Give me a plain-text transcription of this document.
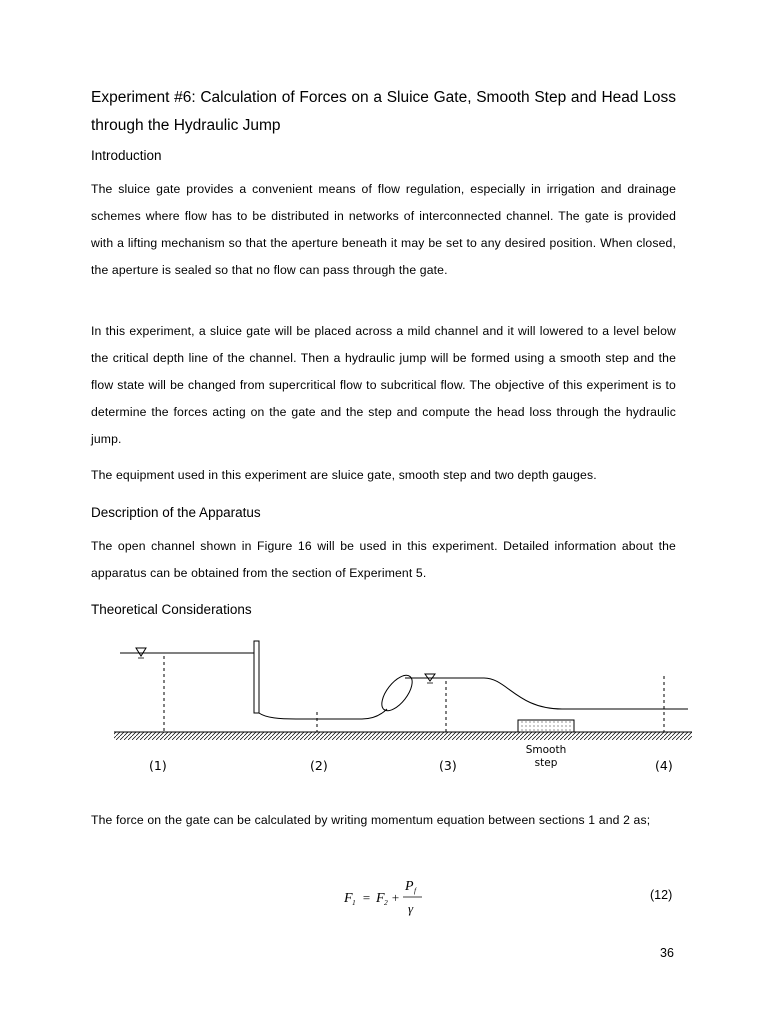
Experiment #6: Calculation of Forces on a Sluice Gate, Smooth Step and Head Loss through the Hydraulic Jump
Introduction

The sluice gate provides a convenient means of flow regulation, especially in irrigation and drainage schemes where flow has to be distributed in networks of interconnected channel. The gate is provided with a lifting mechanism so that the aperture beneath it may be set to any desired position. When closed, the aperture is sealed so that no flow can pass through the gate.

In this experiment, a sluice gate will be placed across a mild channel and it will lowered to a level below the critical depth line of the channel. Then a hydraulic jump will be formed using a smooth step and the flow state will be changed from supercritical flow to subcritical flow. The objective of this experiment is to determine the forces acting on the gate and the step and compute the head loss through the hydraulic jump.

The equipment used in this experiment are sluice gate, smooth step and two depth gauges.

Description of the Apparatus

The open channel shown in Figure 16 will be used in this experiment. Detailed information about the apparatus can be obtained from the section of Experiment 5.

Theoretical Considerations
(1)	(2)	(3)	(4)
Smooth
step

The force on the gate can be calculated by writing momentum equation between sections 1 and 2 as;

F 1 = F 2 +
P f
γ
(12)
36
